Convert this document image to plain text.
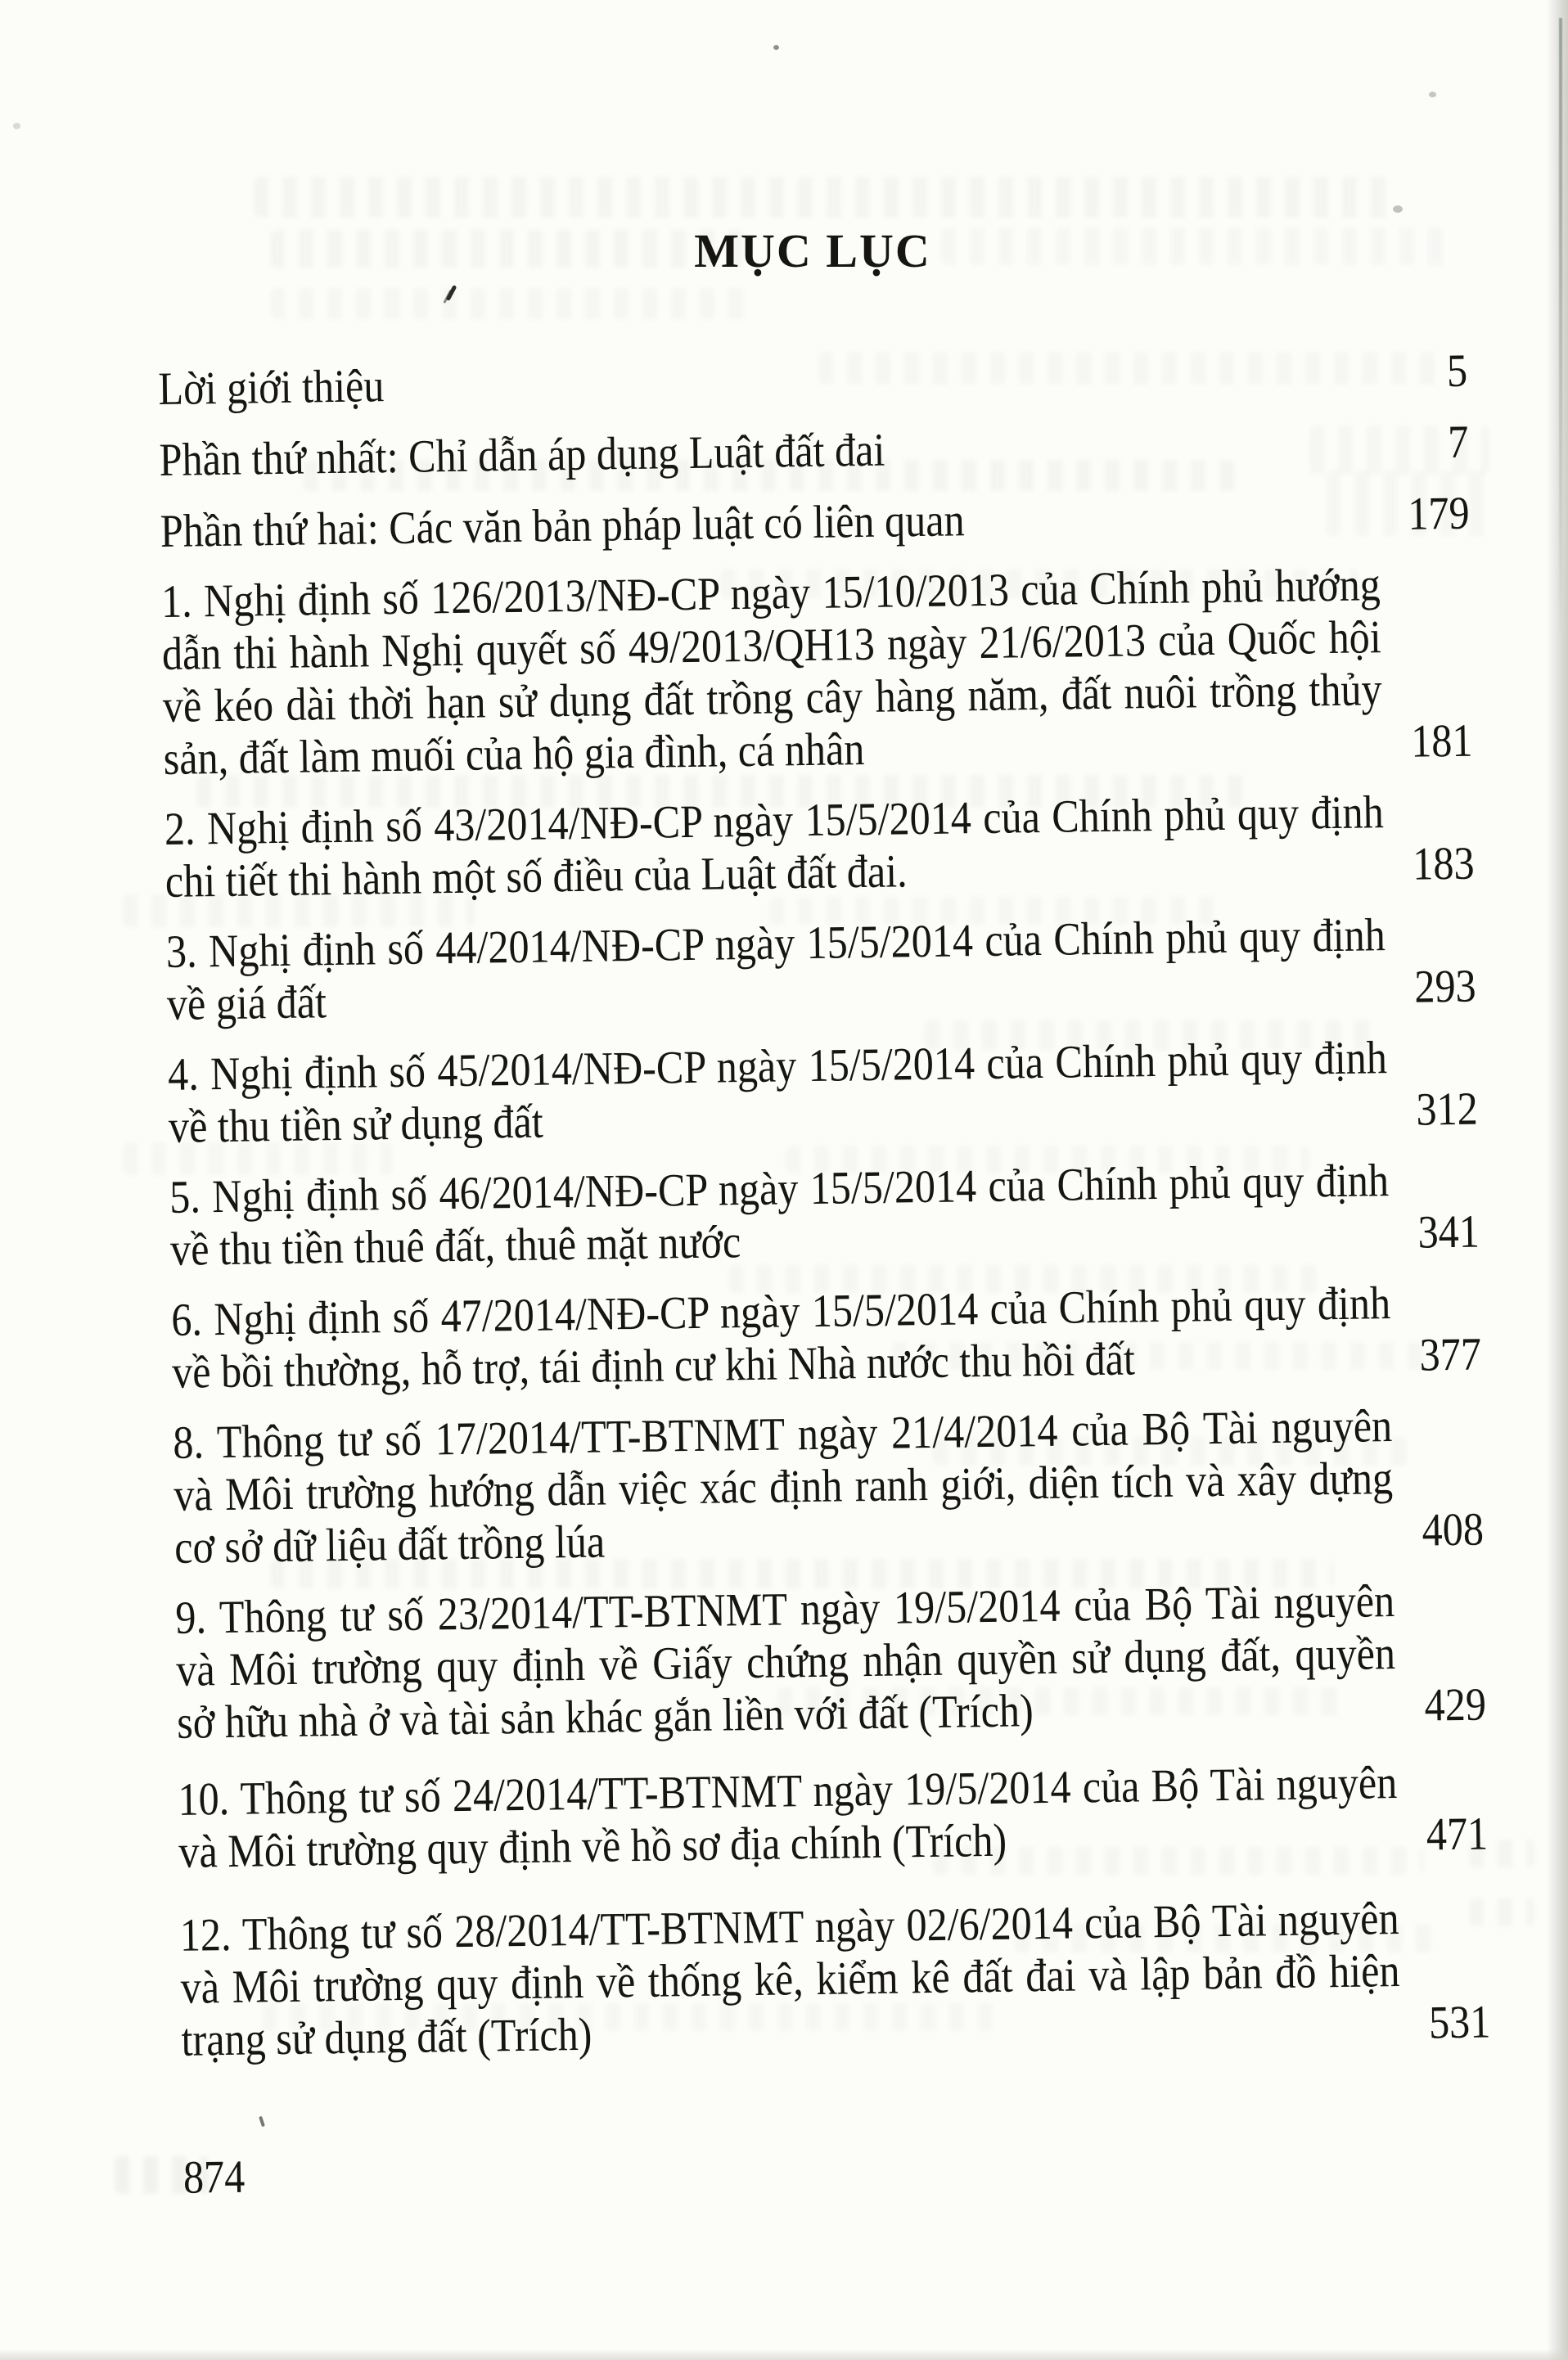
MỤC LỤC
Lời giới thiệu	5
Phần thứ nhất: Chỉ dẫn áp dụng Luật đất đai	7
Phần thứ hai: Các văn bản pháp luật có liên quan	179
1. Nghị định số 126/2013/NĐ-CP ngày 15/10/2013 của Chính phủ hướng
dẫn thi hành Nghị quyết số 49/2013/QH13 ngày 21/6/2013 của Quốc hội
về kéo dài thời hạn sử dụng đất trồng cây hàng năm, đất nuôi trồng thủy
sản, đất làm muối của hộ gia đình, cá nhân	181
2. Nghị định số 43/2014/NĐ-CP ngày 15/5/2014 của Chính phủ quy định
chi tiết thi hành một số điều của Luật đất đai.	183
3. Nghị định số 44/2014/NĐ-CP ngày 15/5/2014 của Chính phủ quy định
về giá đất	293
4. Nghị định số 45/2014/NĐ-CP ngày 15/5/2014 của Chính phủ quy định
về thu tiền sử dụng đất	312
5. Nghị định số 46/2014/NĐ-CP ngày 15/5/2014 của Chính phủ quy định
về thu tiền thuê đất, thuê mặt nước	341
6. Nghị định số 47/2014/NĐ-CP ngày 15/5/2014 của Chính phủ quy định
về bồi thường, hỗ trợ, tái định cư khi Nhà nước thu hồi đất	377
8. Thông tư số 17/2014/TT-BTNMT ngày 21/4/2014 của Bộ Tài nguyên
và Môi trường hướng dẫn việc xác định ranh giới, diện tích và xây dựng
cơ sở dữ liệu đất trồng lúa	408
9. Thông tư số 23/2014/TT-BTNMT ngày 19/5/2014 của Bộ Tài nguyên
và Môi trường quy định về Giấy chứng nhận quyền sử dụng đất, quyền
sở hữu nhà ở và tài sản khác gắn liền với đất (Trích)	429
10. Thông tư số 24/2014/TT-BTNMT ngày 19/5/2014 của Bộ Tài nguyên
và Môi trường quy định về hồ sơ địa chính (Trích)	471
12. Thông tư số 28/2014/TT-BTNMT ngày 02/6/2014 của Bộ Tài nguyên
và Môi trường quy định về thống kê, kiểm kê đất đai và lập bản đồ hiện
trạng sử dụng đất (Trích)	531
874
